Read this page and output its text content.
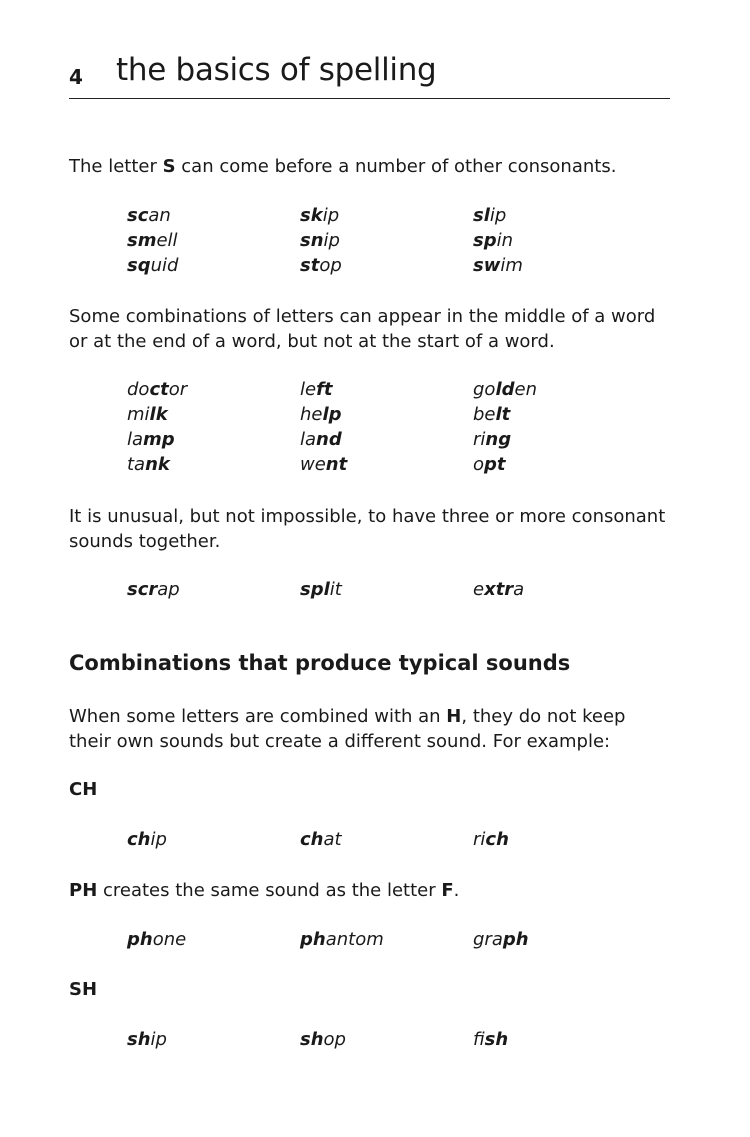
4 the basics of spelling
The letter S can come before a number of other consonants.
scan	skip	slip
smell	snip	spin
squid	stop	swim
Some combinations of letters can appear in the middle of a word or at the end of a word, but not at the start of a word.
doctor	left	golden
milk	help	belt
lamp	land	ring
tank	went	opt
It is unusual, but not impossible, to have three or more consonant sounds together.
scrap	split	extra
Combinations that produce typical sounds
When some letters are combined with an H, they do not keep their own sounds but create a different sound. For example:
CH
chip	chat	rich
PH creates the same sound as the letter F.
phone	phantom	graph
SH
ship	shop	fish
